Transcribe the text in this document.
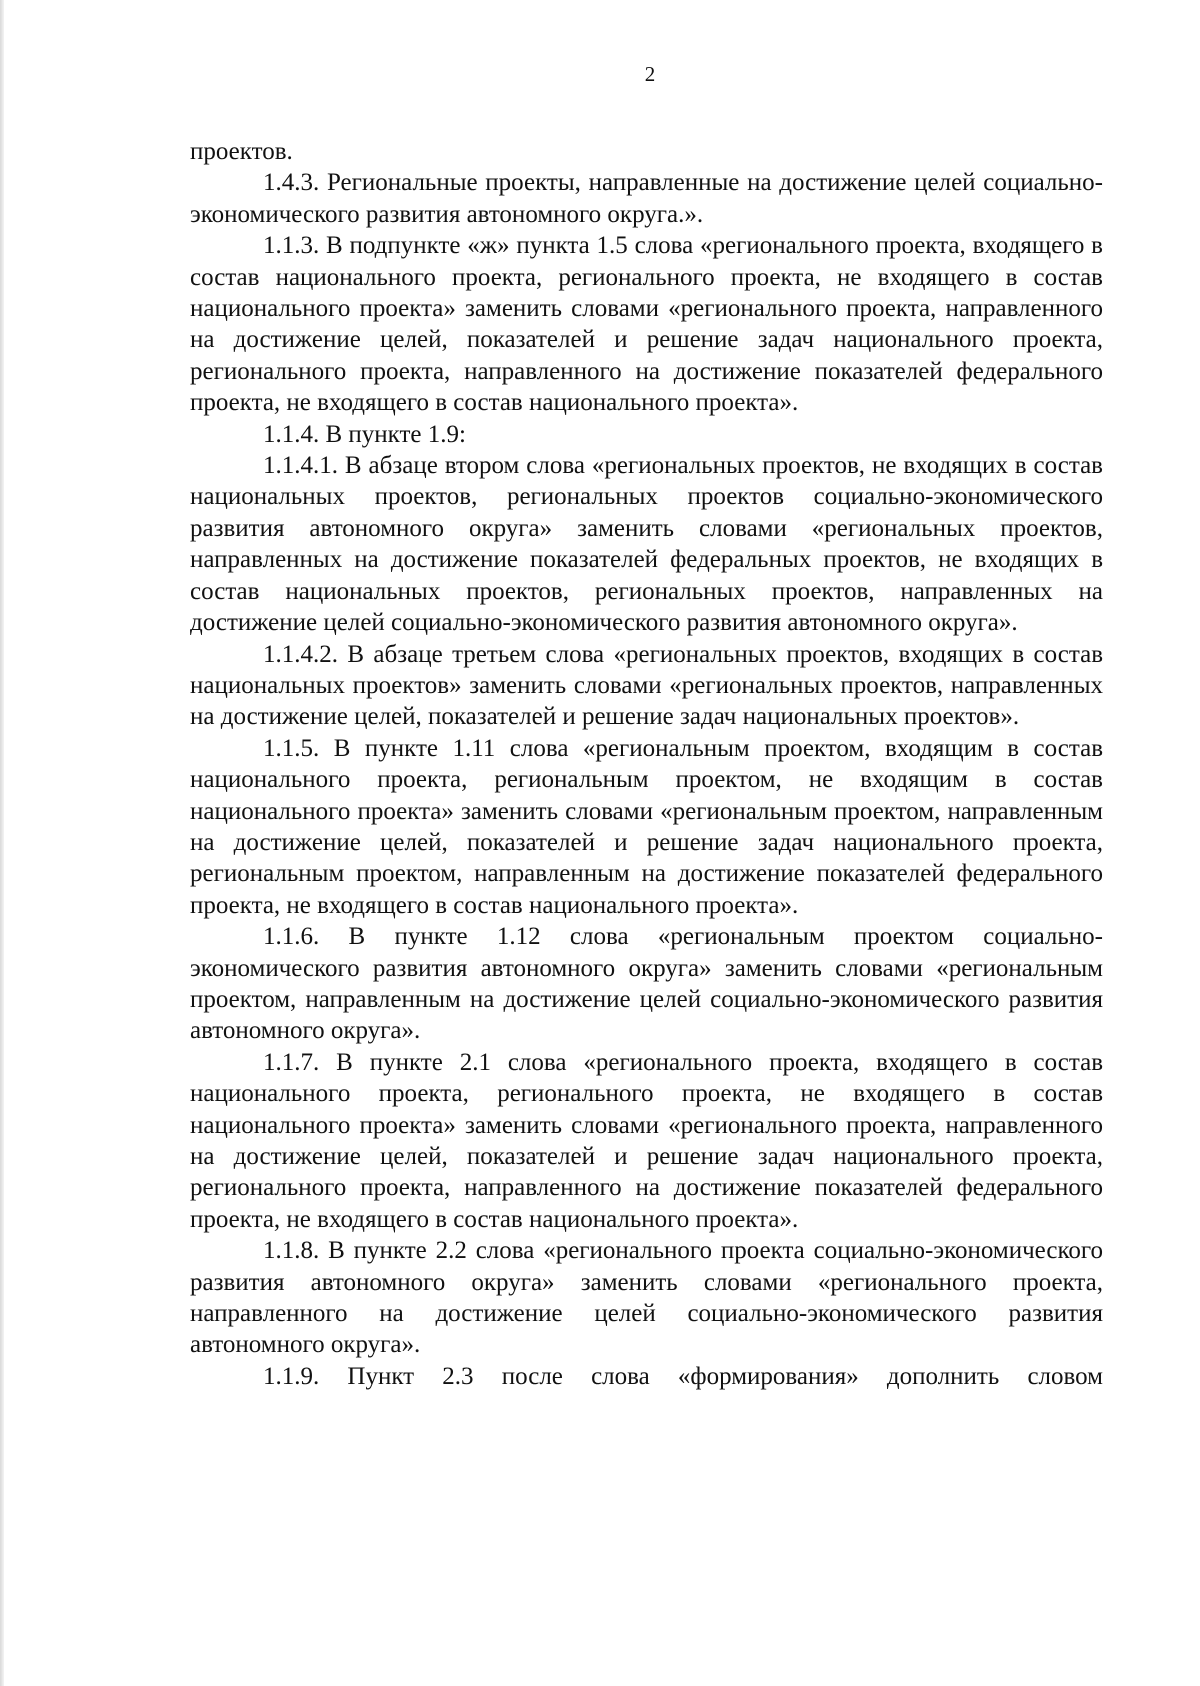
2

проектов.

1.4.3. Региональные проекты, направленные на достижение целей социально-экономического развития автономного округа.».

1.1.3. В подпункте «ж» пункта 1.5 слова «регионального проекта, входящего в состав национального проекта, регионального проекта, не входящего в состав национального проекта» заменить словами «регионального проекта, направленного на достижение целей, показателей и решение задач национального проекта, регионального проекта, направленного на достижение показателей федерального проекта, не входящего в состав национального проекта».

1.1.4. В пункте 1.9:

1.1.4.1. В абзаце втором слова «региональных проектов, не входящих в состав национальных проектов, региональных проектов социально-экономического развития автономного округа» заменить словами «региональных проектов, направленных на достижение показателей федеральных проектов, не входящих в состав национальных проектов, региональных проектов, направленных на достижение целей социально-экономического развития автономного округа».

1.1.4.2. В абзаце третьем слова «региональных проектов, входящих в состав национальных проектов» заменить словами «региональных проектов, направленных на достижение целей, показателей и решение задач национальных проектов».

1.1.5. В пункте 1.11 слова «региональным проектом, входящим в состав национального проекта, региональным проектом, не входящим в состав национального проекта» заменить словами «региональным проектом, направленным на достижение целей, показателей и решение задач национального проекта, региональным проектом, направленным на достижение показателей федерального проекта, не входящего в состав национального проекта».

1.1.6. В пункте 1.12 слова «региональным проектом социально-экономического развития автономного округа» заменить словами «региональным проектом, направленным на достижение целей социально-экономического развития автономного округа».

1.1.7. В пункте 2.1 слова «регионального проекта, входящего в состав национального проекта, регионального проекта, не входящего в состав национального проекта» заменить словами «регионального проекта, направленного на достижение целей, показателей и решение задач национального проекта, регионального проекта, направленного на достижение показателей федерального проекта, не входящего в состав национального проекта».

1.1.8. В пункте 2.2 слова «регионального проекта социально-экономического развития автономного округа» заменить словами «регионального проекта, направленного на достижение целей социально-экономического развития автономного округа».

1.1.9. Пункт 2.3 после слова «формирования» дополнить словом
